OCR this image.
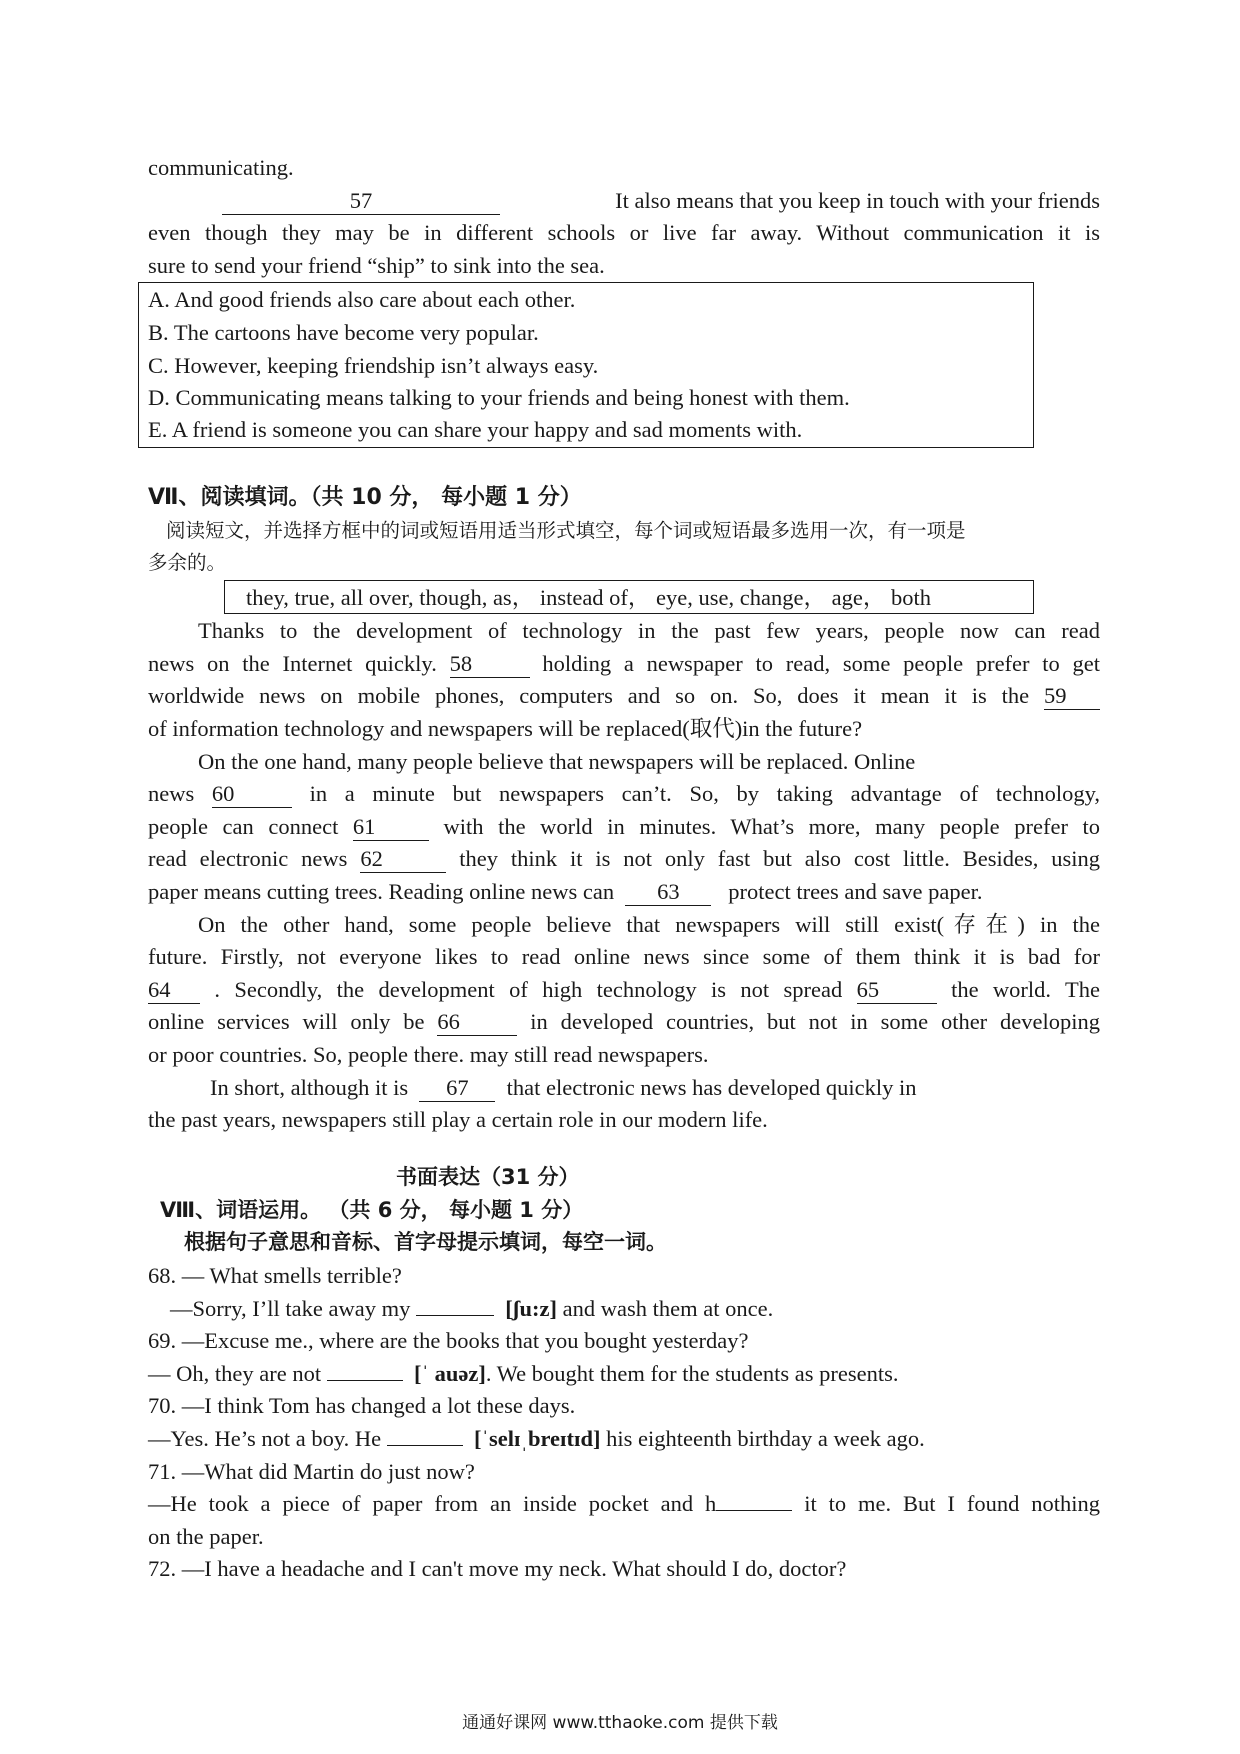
communicating.
57	It also means that you keep in touch with your friends
even though they may be in different schools or live far away. Without communication it is
sure to send your friend “ship” to sink into the sea.
A. And good friends also care about each other.
B. The cartoons have become very popular.
C. However, keeping friendship isn’t always easy.
D. Communicating means talking to your friends and being honest with them.
E. A friend is someone you can share your happy and sad moments with.
Ⅶ、阅读填词。（共 10 分， 每小题 1 分）
阅读短文，并选择方框中的词或短语用适当形式填空，每个词或短语最多选用一次，有一项是
多余的。
they, true, all over, though, as， instead of， eye, use, change， age， both
Thanks to the development of technology in the past few years, people now can read
news on the Internet quickly. 58	holding a newspaper to read, some people prefer to get
worldwide news on mobile phones, computers and so on. So, does it mean it is the 59
of information technology and newspapers will be replaced(取代)in the future?
On the one hand, many people believe that newspapers will be replaced. Online
news 60	in a minute but newspapers can’t. So, by taking advantage of technology,
people can connect 61	with the world in minutes. What’s more, many people prefer to
read electronic news 62	they think it is not only fast but also cost little. Besides, using
paper means cutting trees. Reading online news can 63 protect trees and save paper.
On the other hand, some people believe that newspapers will still exist(存在) in the
future. Firstly, not everyone likes to read online news since some of them think it is bad for
64 . Secondly, the development of high technology is not spread 65	the world. The
online services will only be 66	in developed countries, but not in some other developing
or poor countries. So, people there. may still read newspapers.
In short, although it is 67 that electronic news has developed quickly in
the past years, newspapers still play a certain role in our modern life.
书面表达（31 分）
Ⅷ、词语运用。 （共 6 分， 每小题 1 分）
根据句子意思和音标、首字母提示填词，每空一词。
68. — What smells terrible?
—Sorry, I’ll take away my	[ʃu:z] and wash them at once.
69. —Excuse me., where are the books that you bought yesterday?
— Oh, they are not	[ˈ auəz]. We bought them for the students as presents.
70. —I think Tom has changed a lot these days.
—Yes. He’s not a boy. He	[ˈselɪˌbreɪtɪd] his eighteenth birthday a week ago.
71. —What did Martin do just now?
—He took a piece of paper from an inside pocket and h	it to me. But I found nothing
on the paper.
72. —I have a headache and I can't move my neck. What should I do, doctor?
通通好课网 www.tthaoke.com 提供下载
